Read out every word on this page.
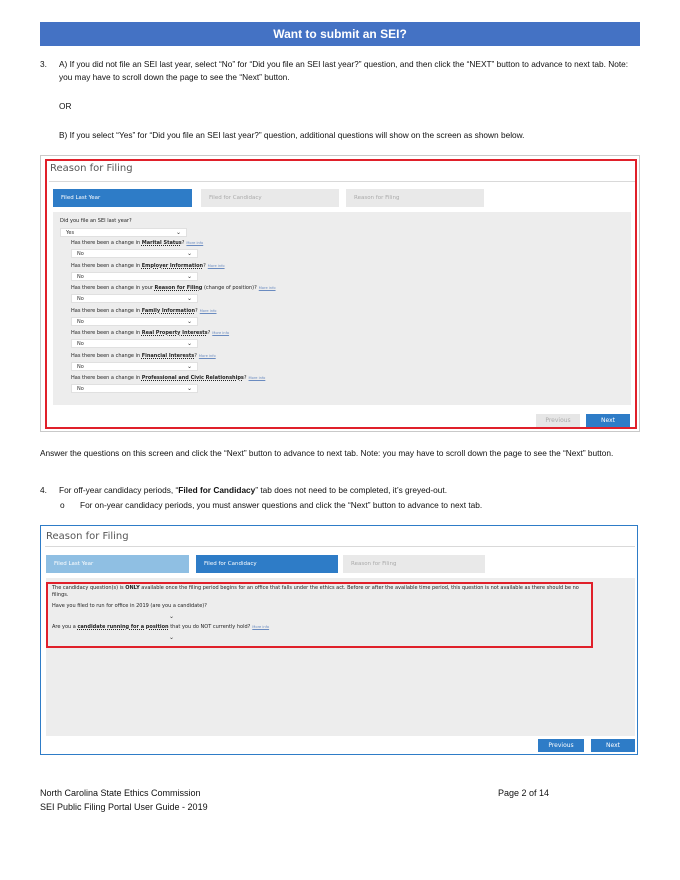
Want to submit an SEI?
3. A) If you did not file an SEI last year, select “No” for “Did you file an SEI last year?” question, and then click the “NEXT” button to advance to next tab. Note: you may have to scroll down the page to see the “Next” button.
OR
B) If you select “Yes” for “Did you file an SEI last year?” question, additional questions will show on the screen as shown below.
Reason for Filing
Filed Last Year	Filed for Candidacy	Reason for Filing
Did you file an SEI last year?
Yes	⌄
Previous	Next
Has there been a change in Marital Status? More info
No	⌄
Has there been a change in Employer Information? More info
No	⌄
Has there been a change in your Reason for Filing (change of position)? More info
No	⌄
Has there been a change in Family Information? More info
No	⌄
Has there been a change in Real Property Interests? More info
No	⌄
Has there been a change in Financial Interests? More info
No	⌄
Has there been a change in Professional and Civic Relationships? More info
No	⌄
Answer the questions on this screen and click the “Next” button to advance to next tab. Note: you may have to scroll down the page to see the “Next” button.
4. For off-year candidacy periods, “Filed for Candidacy” tab does not need to be completed, it’s greyed-out.
o For on-year candidacy periods, you must answer questions and click the “Next” button to advance to next tab.
Reason for Filing
Filed Last Year	Filed for Candidacy	Reason for Filing
The candidacy question(s) is ONLY available once the filing period begins for an office that falls under the ethics act. Before or after the available time period, this question is not available as there should be no filings.
Have you filed to run for office in 2019 (are you a candidate)?
⌄
Are you a candidate running for a position that you do NOT currently hold? More info
⌄
Previous	Next
North Carolina State Ethics Commission
SEI Public Filing Portal User Guide - 2019
Page 2 of 14
